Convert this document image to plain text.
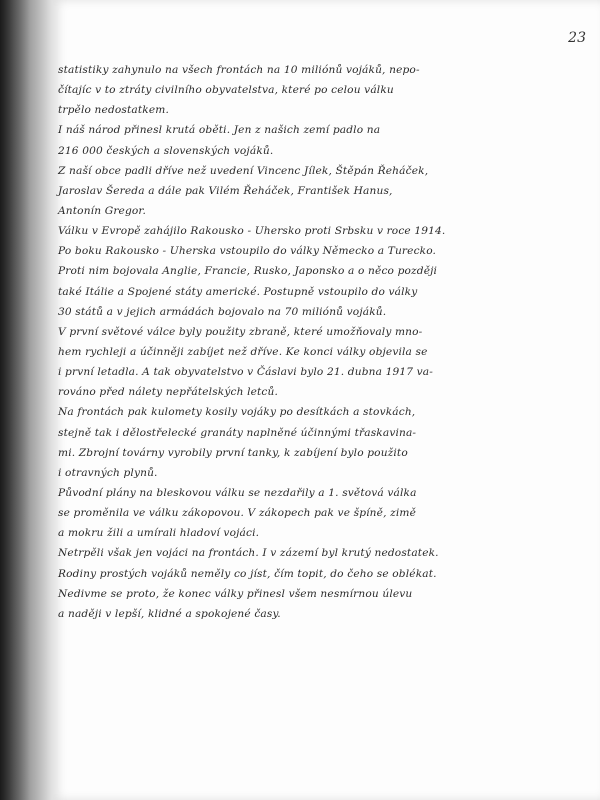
23
statistiky zahynulo na všech frontách na 10 miliónů vojáků, nepo-
čítajíc v to ztráty civilního obyvatelstva, které po celou válku
trpělo nedostatkem.
I náš národ přinesl krutá oběti. Jen z našich zemí padlo na
216 000 českých a slovenských vojáků.
Z naší obce padli dříve než uvedení Vincenc Jílek, Štěpán Řeháček,
Jaroslav Šereda a dále pak Vilém Řeháček, František Hanus,
Antonín Gregor.
Válku v Evropě zahájilo Rakousko - Uhersko proti Srbsku v roce 1914.
Po boku Rakousko - Uherska vstoupilo do války Německo a Turecko.
Proti nim bojovala Anglie, Francie, Rusko, Japonsko a o něco později
také Itálie a Spojené státy americké. Postupně vstoupilo do války
30 států a v jejich armádách bojovalo na 70 miliónů vojáků.
V první světové válce byly použity zbraně, které umožňovaly mno-
hem rychleji a účinněji zabíjet než dříve. Ke konci války objevila se
i první letadla. A tak obyvatelstvo v Čáslavi bylo 21. dubna 1917 va-
rováno před nálety nepřátelských letců.
Na frontách pak kulomety kosily vojáky po desítkách a stovkách,
stejně tak i dělostřelecké granáty naplněné účinnými třaskavina-
mi. Zbrojní továrny vyrobily první tanky, k zabíjení bylo použito
i otravných plynů.
Původní plány na bleskovou válku se nezdařily a 1. světová válka
se proměnila ve válku zákopovou. V zákopech pak ve špíně, zimě
a mokru žili a umírali hladoví vojáci.
Netrpěli však jen vojáci na frontách. I v zázemí byl krutý nedostatek.
Rodiny prostých vojáků neměly co jíst, čím topit, do čeho se oblékat.
Nedivme se proto, že konec války přinesl všem nesmírnou úlevu
a naději v lepší, klidné a spokojené časy.
